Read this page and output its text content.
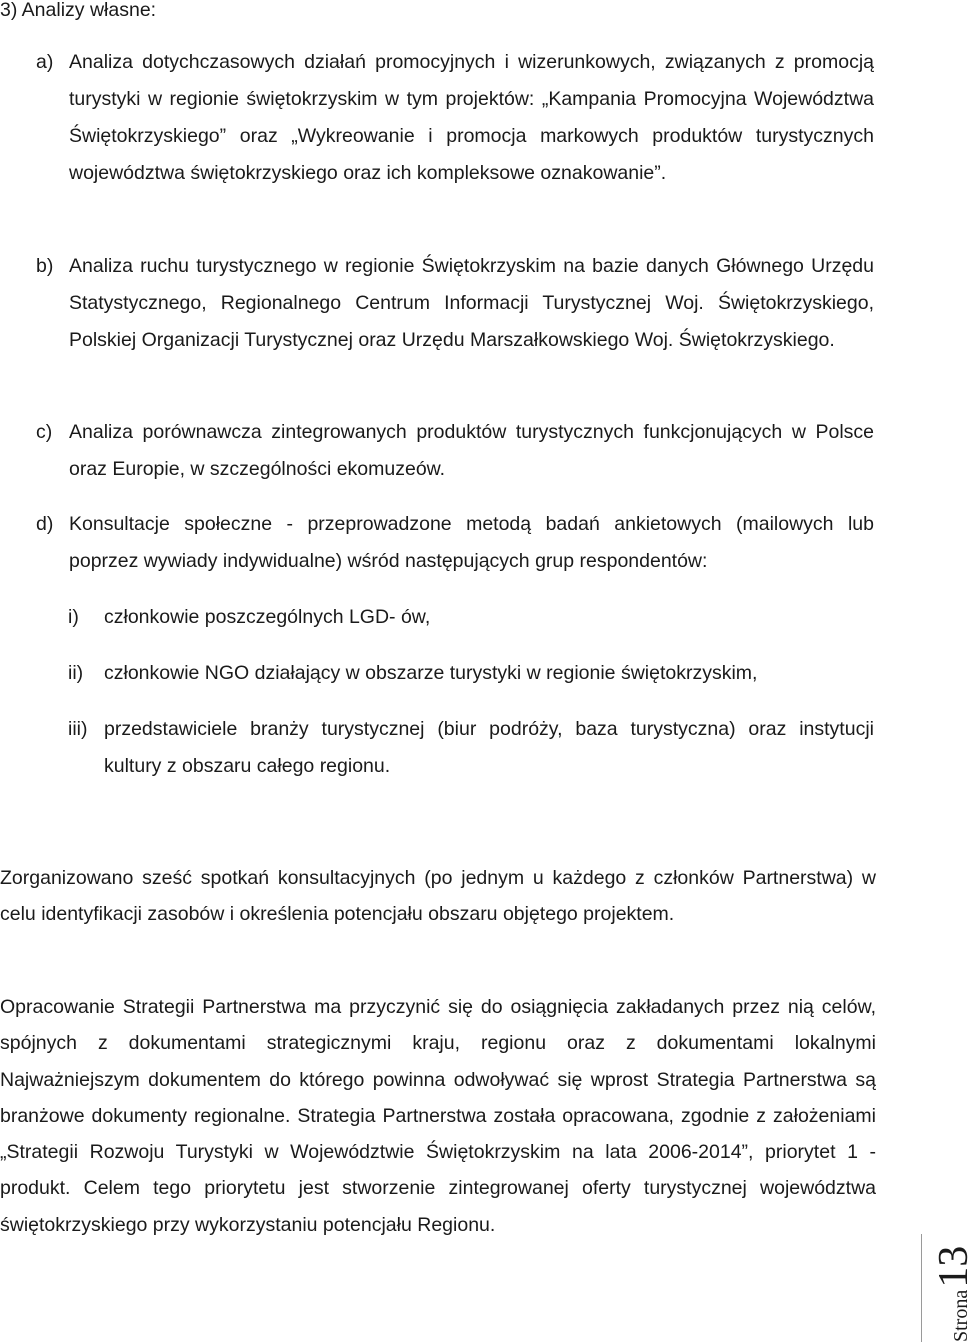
3) Analizy własne:
a) Analiza dotychczasowych działań promocyjnych i wizerunkowych, związanych z promocją turystyki w regionie świętokrzyskim w tym projektów: „Kampania Promocyjna Województwa Świętokrzyskiego” oraz „Wykreowanie i promocja markowych produktów turystycznych województwa świętokrzyskiego oraz ich kompleksowe oznakowanie”.
b) Analiza ruchu turystycznego w regionie Świętokrzyskim na bazie danych Głównego Urzędu Statystycznego, Regionalnego Centrum Informacji Turystycznej Woj. Świętokrzyskiego, Polskiej Organizacji Turystycznej oraz Urzędu Marszałkowskiego Woj. Świętokrzyskiego.
c) Analiza porównawcza zintegrowanych produktów turystycznych funkcjonujących w Polsce oraz Europie, w szczególności ekomuzeów.
d) Konsultacje społeczne - przeprowadzone metodą badań ankietowych (mailowych lub poprzez wywiady indywidualne) wśród następujących grup respondentów:
i) członkowie poszczególnych LGD- ów,
ii) członkowie NGO działający w obszarze turystyki w regionie świętokrzyskim,
iii) przedstawiciele branży turystycznej (biur podróży, baza turystyczna) oraz instytucji kultury z obszaru całego regionu.
Zorganizowano sześć spotkań konsultacyjnych (po jednym u każdego z członków Partnerstwa) w celu identyfikacji zasobów i określenia potencjału obszaru objętego projektem.
Opracowanie Strategii Partnerstwa ma przyczynić się do osiągnięcia zakładanych przez nią celów, spójnych z dokumentami strategicznymi kraju, regionu oraz z dokumentami lokalnymi Najważniejszym dokumentem do którego powinna odwoływać się wprost Strategia Partnerstwa są branżowe dokumenty regionalne. Strategia Partnerstwa została opracowana, zgodnie z założeniami „Strategii Rozwoju Turystyki w Województwie Świętokrzyskim na lata 2006-2014”, priorytet 1 - produkt. Celem tego priorytetu jest stworzenie zintegrowanej oferty turystycznej województwa świętokrzyskiego przy wykorzystaniu potencjału Regionu.
Strona
13
